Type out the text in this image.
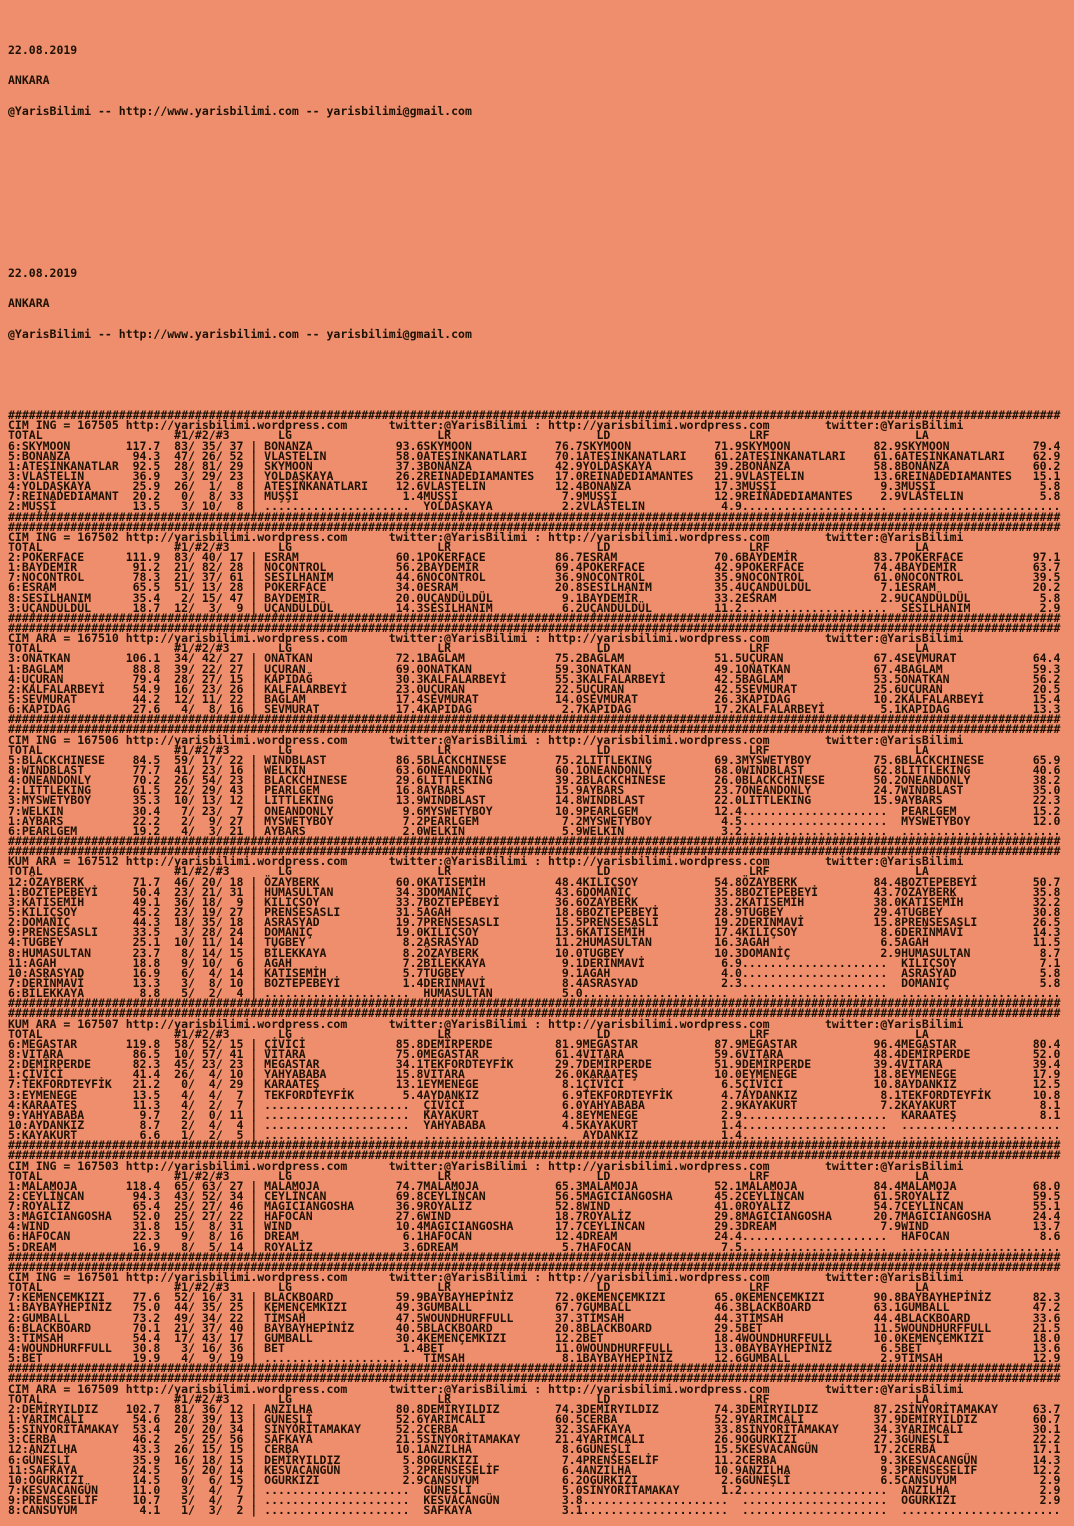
22.08.2019

ANKARA

@YarisBilimi -- http://www.yarisbilimi.com -- yarisbilimi@gmail.com

22.08.2019

ANKARA

@YarisBilimi -- http://www.yarisbilimi.com -- yarisbilimi@gmail.com

########################################################################################################################################################
CIM ING = 167505 http://yarisbilimi.wordpress.com      twitter:@YarisBilimi : http://yarisbilimi.wordpress.com        twitter:@YarisBilimi
TOTAL                   #1/#2/#3       LG                     LR                     LD                    LRF                     LA
6:SKYMOON        117.7  83/ 35/ 37 | BONANZA            93.6SKYMOON            76.7SKYMOON            71.9SKYMOON            82.9SKYMOON            79.4
5:BONANZA         94.3  47/ 26/ 52 | VLASTELIN          58.0ATEŞİNKANATLARI    70.1ATEŞİNKANATLARI    61.2ATEŞİNKANATLARI    61.6ATEŞİNKANATLARI    62.9
1:ATEŞİNKANATLAR  92.5  28/ 81/ 29 | SKYMOON            37.3BONANZA            42.9YOLDAŞKAYA         39.2BONANZA            58.8BONANZA            60.2
3:VLASTELIN       36.9   3/ 29/ 23 | YOLDAŞKAYA         26.2REINADEDIAMANTES   17.0REINADEDIAMANTES   21.9VLASTELIN          13.6REINADEDIAMANTES   15.1
4:YOLDAŞKAYA      25.9  26/  1/  8 | ATEŞİNKANATLARI    12.6VLASTELIN          12.4BONANZA            17.3MUŞŞİ               9.3MUŞŞİ               5.8
7:REINADEDIAMANT  20.2   0/  8/ 33 | MUŞŞİ               1.4MUŞŞİ               7.9MUŞŞİ              12.9REINADEDIAMANTES    2.9VLASTELIN           5.8
2:MUŞŞİ           13.5   3/ 10/  8 | .....................  YOLDAŞKAYA          2.2VLASTELIN           4.9.....................  .......................
########################################################################################################################################################
########################################################################################################################################################
CIM ING = 167502 http://yarisbilimi.wordpress.com      twitter:@YarisBilimi : http://yarisbilimi.wordpress.com        twitter:@YarisBilimi
TOTAL                   #1/#2/#3       LG                     LR                     LD                    LRF                     LA
2:POKERFACE      111.9  83/ 40/ 17 | ESRAM              60.1POKERFACE          86.7ESRAM              70.6BAYDEMİR           83.7POKERFACE          97.1
1:BAYDEMİR        91.2  21/ 82/ 28 | NOCONTROL          56.2BAYDEMİR           69.4POKERFACE          42.9POKERFACE          74.4BAYDEMİR           63.7
7:NOCONTROL       78.3  21/ 37/ 61 | SESİLHANIM         44.6NOCONTROL          36.9NOCONTROL          35.9NOCONTROL          61.0NOCONTROL          39.5
6:ESRAM           65.5  51/ 13/ 28 | POKERFACE          34.0ESRAM              20.8SESİLHANIM         35.4UÇANDÜLDÜL          7.1ESRAM              20.2
8:SESİLHANIM      35.4   2/ 15/ 47 | BAYDEMİR           20.0UÇANDÜLDÜL          9.1BAYDEMİR           33.2ESRAM               2.9UÇANDÜLDÜL          5.8
3:UÇANDÜLDÜL      18.7  12/  3/  9 | UÇANDÜLDÜL         14.3SESİLHANIM          6.2UÇANDÜLDÜL         11.2.....................  SESİLHANIM          2.9
########################################################################################################################################################
########################################################################################################################################################
CIM ARA = 167510 http://yarisbilimi.wordpress.com      twitter:@YarisBilimi : http://yarisbilimi.wordpress.com        twitter:@YarisBilimi
TOTAL                   #1/#2/#3       LG                     LR                     LD                    LRF                     LA
3:ONATKAN        106.1  34/ 42/ 27 | ONATKAN            72.1BAĞLAM             75.2BAĞLAM             51.5UÇURAN             67.4SEVMURAT           64.4
1:BAGLAM          88.8  39/ 22/ 27 | UÇURAN             69.0ONATKAN            59.3ONATKAN            49.1ONATKAN            67.4BAĞLAM             59.3
4:UÇURAN          79.4  28/ 27/ 15 | KAPIDAĞ            30.3KALFALARBEYİ       55.3KALFALARBEYİ       42.5BAĞLAM             53.5ONATKAN            56.2
2:KALFALARBEYİ    54.9  16/ 23/ 26 | KALFALARBEYİ       23.0UÇURAN             22.5UÇURAN             42.5SEVMURAT           25.6UÇURAN             20.5
5:SEVMURAT        44.2  12/ 11/ 22 | BAĞLAM             17.4SEVMURAT           14.0SEVMURAT           26.3KAPIDAG            10.2KALFALARBEYİ       15.4
6:KAPIDAG         27.6   4/  8/ 16 | SEVMURAT           17.4KAPIDAG             2.7KAPIDAG            17.2KALFALARBEYİ        5.1KAPIDAG            13.3
########################################################################################################################################################
########################################################################################################################################################
CIM ING = 167506 http://yarisbilimi.wordpress.com      twitter:@YarisBilimi : http://yarisbilimi.wordpress.com        twitter:@YarisBilimi
TOTAL                   #1/#2/#3       LG                     LR                     LD                    LRF                     LA
5:BLACKCHINESE    84.5  59/ 17/ 22 | WINDBLAST          86.5BLACKCHINESE       75.2LITTLEKING         69.3MYSWETYBOY         75.6BLACKCHINESE       65.9
8:WINDBLAST       77.7  41/ 23/ 16 | WELKIN             63.6ONEANDONLY         60.1ONEANDONLY         68.0WINDBLAST          62.8LITTLEKING         40.6
4:ONEANDONLY      70.2  26/ 54/ 23 | BLACKCHINESE       29.6LITTLEKING         39.2BLACKCHINESE       26.0BLACKCHINESE       50.2ONEANDONLY         38.2
2:LITTLEKING      61.5  22/ 29/ 43 | PEARLGEM           16.8AYBARS             15.9AYBARS             23.7ONEANDONLY         24.7WINDBLAST          35.0
3:MYSWETYBOY      35.3  10/ 13/ 12 | LITTLEKING         13.9WINDBLAST          14.8WINDBLAST          22.0LITTLEKING         15.9AYBARS             22.3
7:WELKIN          30.4   7/ 23/  7 | ONEANDONLY          9.6MYSWETYBOY         10.9PEARLGEM           12.4.....................  PEARLGEM           15.2
1:AYBARS          22.2   2/  9/ 27 | MYSWETYBOY          7.2PEARLGEM            7.2MYSWETYBOY          4.5.....................  MYSWETYBOY         12.0
6:PEARLGEM        19.2   4/  3/ 21 | AYBARS              2.0WELKIN              5.9WELKIN              3.2.....................  .......................
########################################################################################################################################################
########################################################################################################################################################
KUM ARA = 167512 http://yarisbilimi.wordpress.com      twitter:@YarisBilimi : http://yarisbilimi.wordpress.com        twitter:@YarisBilimi
TOTAL                   #1/#2/#3       LG                     LR                     LD                    LRF                     LA
12:ÖZAYBERK       71.7  46/ 20/ 18 | ÖZAYBERK           60.0KATISEMİH          48.4KILIÇSOY           54.8ÖZAYBERK           84.4BOZTEPEBEYİ        50.7
1:BOZTEPEBEYİ     50.4  23/ 21/ 31 | HUMASULTAN         34.3DOMANİÇ            43.6DOMANİÇ            35.8BOZTEPEBEYİ        43.7ÖZAYBERK           35.8
3:KATISEMİH       49.1  36/ 18/  9 | KILIÇSOY           33.7BOZTEPEBEYİ        36.6ÖZAYBERK           33.2KATISEMİH          38.0KATISEMİH          32.2
5:KILIÇSOY        45.2  23/ 19/ 27 | PRENSESASLI        31.5AGAH               18.6BOZTEPEBEYİ        28.9TUGBEY             29.4TUGBEY             30.8
2:DOMANİÇ         44.3  18/ 35/ 18 | ASRASYAD           19.7PRENSESASLI        15.5PRENSESASLI        19.2DERİNMAVİ          15.8PRENSESASLI        26.5
9:PRENSESASLI     33.5   3/ 28/ 24 | DOMANİÇ            19.0KILIÇSOY           13.6KATISEMİH          17.4KILIÇSOY            8.6DERİNMAVİ          14.3
4:TUGBEY          25.1  10/ 11/ 14 | TUGBEY              8.2ASRASYAD           11.2HUMASULTAN         16.3AGAH                6.5AGAH               11.5
8:HUMASULTAN      23.7   8/ 14/ 15 | BİLEKKAYA           8.2ÖZAYBERK           10.0TUGBEY             10.3DOMANİÇ             2.9HUMASULTAN          8.7
11:AGAH           18.8   9/ 10/  6 | AGAH                7.2BİLEKKAYA           9.1DERİNMAVİ           6.9.....................  KILIÇSOY            7.1
10:ASRASYAD       16.9   6/  4/ 14 | KATISEMİH           5.7TUGBEY              9.1AGAH                4.0.....................  ASRASYAD            5.8
7:DERİNMAVİ       13.3   3/  8/ 10 | BOZTEPEBEYİ         1.4DERİNMAVİ           8.4ASRASYAD            2.3.....................  DOMANİÇ             5.8
6:BİLEKKAYA        8.8   5/  2/  4 | .....................  HUMASULTAN          5.0.....................  .....................  .......................
########################################################################################################################################################
########################################################################################################################################################
KUM ARA = 167507 http://yarisbilimi.wordpress.com      twitter:@YarisBilimi : http://yarisbilimi.wordpress.com        twitter:@YarisBilimi
TOTAL                   #1/#2/#3       LG                     LR                     LD                    LRF                     LA
6:MEGASTAR       119.8  58/ 52/ 15 | ÇİVİCİ             85.8DEMİRPERDE         81.9MEGASTAR           87.9MEGASTAR           96.4MEGASTAR           80.4
8:VITARA          86.5  10/ 57/ 41 | VITARA             75.0MEGASTAR           61.4VITARA             59.6VITARA             48.4DEMİRPERDE         52.0
2:DEMİRPERDE      82.3  45/ 23/ 23 | MEGASTAR           34.1TEKFORDTEYFİK      29.7DEMİRPERDE         51.9DEMİRPERDE         39.4VITARA             39.4
1:ÇİVİCİ          41.4  26/  4/ 10 | YAHYABABA          15.8VITARA             26.0KARAATEŞ           10.0EYMENEGE           18.8EYMENEGE           17.9
7:TEKFORDTEYFİK   21.2   0/  4/ 29 | KARAATEŞ           13.1EYMENEGE            8.1ÇİVİCİ              6.5ÇİVİCİ             10.8AYDANKIZ           12.5
3:EYMENEGE        13.5   4/  4/  7 | TEKFORDTEYFİK       5.4AYDANKIZ            6.9TEKFORDTEYFİK       4.7AYDANKIZ            8.1TEKFORDTEYFİK      10.8
4:KARAATEŞ        11.3   4/  2/  7 | .....................  ÇİVİCİ              6.0YAHYABABA           2.9KAYAKURT            7.2KAYAKURT            8.1
9:YAHYABABA        9.7   2/  0/ 11 | .....................  KAYAKURT            4.8EYMENEGE            2.9.....................  KARAATEŞ            8.1
10:AYDANKIZ        8.7   2/  4/  4 | .....................  YAHYABABA           4.5KAYAKURT            1.4.....................  .......................
5:KAYAKURT         6.6   1/  2/  5 | .....................  .....................  AYDANKIZ            1.4.....................  .......................
########################################################################################################################################################
########################################################################################################################################################
CIM ING = 167503 http://yarisbilimi.wordpress.com      twitter:@YarisBilimi : http://yarisbilimi.wordpress.com        twitter:@YarisBilimi
TOTAL                   #1/#2/#3       LG                     LR                     LD                    LRF                     LA
1:MALAMOJA       118.4  65/ 63/ 27 | MALAMOJA           74.7MALAMOJA           65.3MALAMOJA           52.1MALAMOJA           84.4MALAMOJA           68.0
2:CEYLİNCAN       94.3  43/ 52/ 34 | CEYLİNCAN          69.8CEYLİNCAN          56.5MAGICIANGOSHA      45.2CEYLİNCAN          61.5ROYALİZ            59.5
7:ROYALİZ         65.4  25/ 27/ 46 | MAGICIANGOSHA      36.9ROYALİZ            52.8WIND               41.0ROYALİZ            54.7CEYLİNCAN          55.1
3:MAGICIANGOSHA   52.0  25/ 27/ 22 | HAFOCAN            27.6WIND               18.7ROYALİZ            29.8MAGICIANGOSHA      20.7MAGICIANGOSHA      24.4
4:WIND            31.8  15/  8/ 31 | WIND               10.4MAGICIANGOSHA      17.7CEYLINCAN          29.3DREAM               7.9WIND               13.7
6:HAFOCAN         22.3   9/  8/ 16 | DREAM               6.1HAFOCAN            12.4DREAM              24.4.....................  HAFOCAN             8.6
5:DREAM           16.9   8/  5/ 14 | ROYALİZ             3.6DREAM               5.7HAFOCAN             7.5.....................  .......................
########################################################################################################################################################
########################################################################################################################################################
CIM ING = 167501 http://yarisbilimi.wordpress.com      twitter:@YarisBilimi : http://yarisbilimi.wordpress.com        twitter:@YarisBilimi
TOTAL                   #1/#2/#3       LG                     LR                     LD                    LRF                     LA
7:KEMENÇEMKIZI    77.6  52/ 16/ 31 | BLACKBOARD         59.9BAYBAYHEPİNİZ      72.0KEMENÇEMKIZI       65.0KEMENÇEMKIZI       90.8BAYBAYHEPİNİZ      82.3
1:BAYBAYHEPİNİZ   75.0  44/ 35/ 25 | KEMENÇEMKIZI       49.3GUMBALL            67.7GUMBALL            46.3BLACKBOARD         63.1GUMBALL            47.2
2:GUMBALL         73.2  49/ 34/ 22 | TİMSAH             47.5WOUNDHURFFULL      37.3TİMSAH             44.3TİMSAH             44.4BLACKBOARD         33.6
6:BLACKBOARD      70.1  21/ 37/ 40 | BAYBAYHEPİNİZ      40.5BLACKBOARD         20.8BLACKBOARD         29.5BET                11.5WOUNDHURFFULL      21.5
3:TIMSAH          54.4  17/ 43/ 17 | GUMBALL            30.4KEMENÇEMKIZI       12.2BET                18.4WOUNDHURFFULL      10.0KEMENÇEMKIZI       18.0
4:WOUNDHURFFULL   30.8   3/ 16/ 36 | BET                 1.4BET                11.0WOUNDHURFFULL      13.0BAYBAYHEPİNİZ       6.5BET                13.6
5:BET             19.9   4/  9/ 19 | .....................  TİMSAH              8.1BAYBAYHEPİNİZ      12.6GUMBALL             2.9TİMSAH             12.9
########################################################################################################################################################
########################################################################################################################################################
CIM ARA = 167509 http://yarisbilimi.wordpress.com      twitter:@YarisBilimi : http://yarisbilimi.wordpress.com        twitter:@YarisBilimi
TOTAL                   #1/#2/#3       LG                     LR                     LD                    LRF                     LA
2:DEMİRYILDIZ    102.7  81/ 36/ 12 | ANZILHA            80.8DEMİRYILDIZ        74.3DEMİRYILDIZ        74.3DEMİRYILDIZ        87.2SİNYORİTAMAKAY     63.7
1:YARIMCALI       54.6  28/ 39/ 13 | GÜNEŞLİ            52.6YARIMCALI          60.5CERBA              52.9YARIMCALI          37.9DEMİRYILDIZ        60.7
5:SİNYORİTAMAKAY  53.4  20/ 20/ 34 | SİNYORİTAMAKAY     52.2CERBA              32.3SAFKAYA            33.8SİNYORİTAMAKAY     34.3YARIMCALI          30.1
3:CERBA           46.2   5/ 25/ 56 | SAFKAYA            21.5SİNYORİTAMAKAY     21.4YARIMCALI          26.9OGURKIZI           27.3GÜNEŞLİ            22.2
12:ANZILHA        43.3  26/ 15/ 15 | CERBA              10.1ANZILHA             8.6GÜNEŞLİ            15.5KESVACANGÜN        17.2CERBA              17.1
6:GÜNEŞLİ         35.9  16/ 18/ 15 | DEMİRYILDIZ         5.8OGURKIZI            7.4PRENSESELİF        11.2CERBA               9.3KESVACANGÜN        14.3
11:SAFKAYA        24.5   5/ 20/ 14 | KESVACANGÜN         3.2PRENSESELİF         6.4ANZILHA            10.9ANZILHA             9.3PRENSESELİF        12.2
10:OGURKIZI       14.5   0/  6/ 15 | OGURKIZI            2.9CANSUYUM            6.2OGURKIZI            2.6GÜNEŞLİ             6.5CANSUYUM            2.9
7:KESVACANGÜN     11.0   3/  4/  7 | .....................  GÜNEŞLİ             5.0SİNYORİTAMAKAY      1.2.....................  ANZILHA             2.9
9:PRENSESELİF     10.7   5/  4/  7 | .....................  KESVACANGÜN         3.8.....................  .....................  OGURKIZI            2.9
8:CANSUYUM         4.1   1/  3/  2 | .....................  SAFKAYA             3.1.....................  .....................  .......................
